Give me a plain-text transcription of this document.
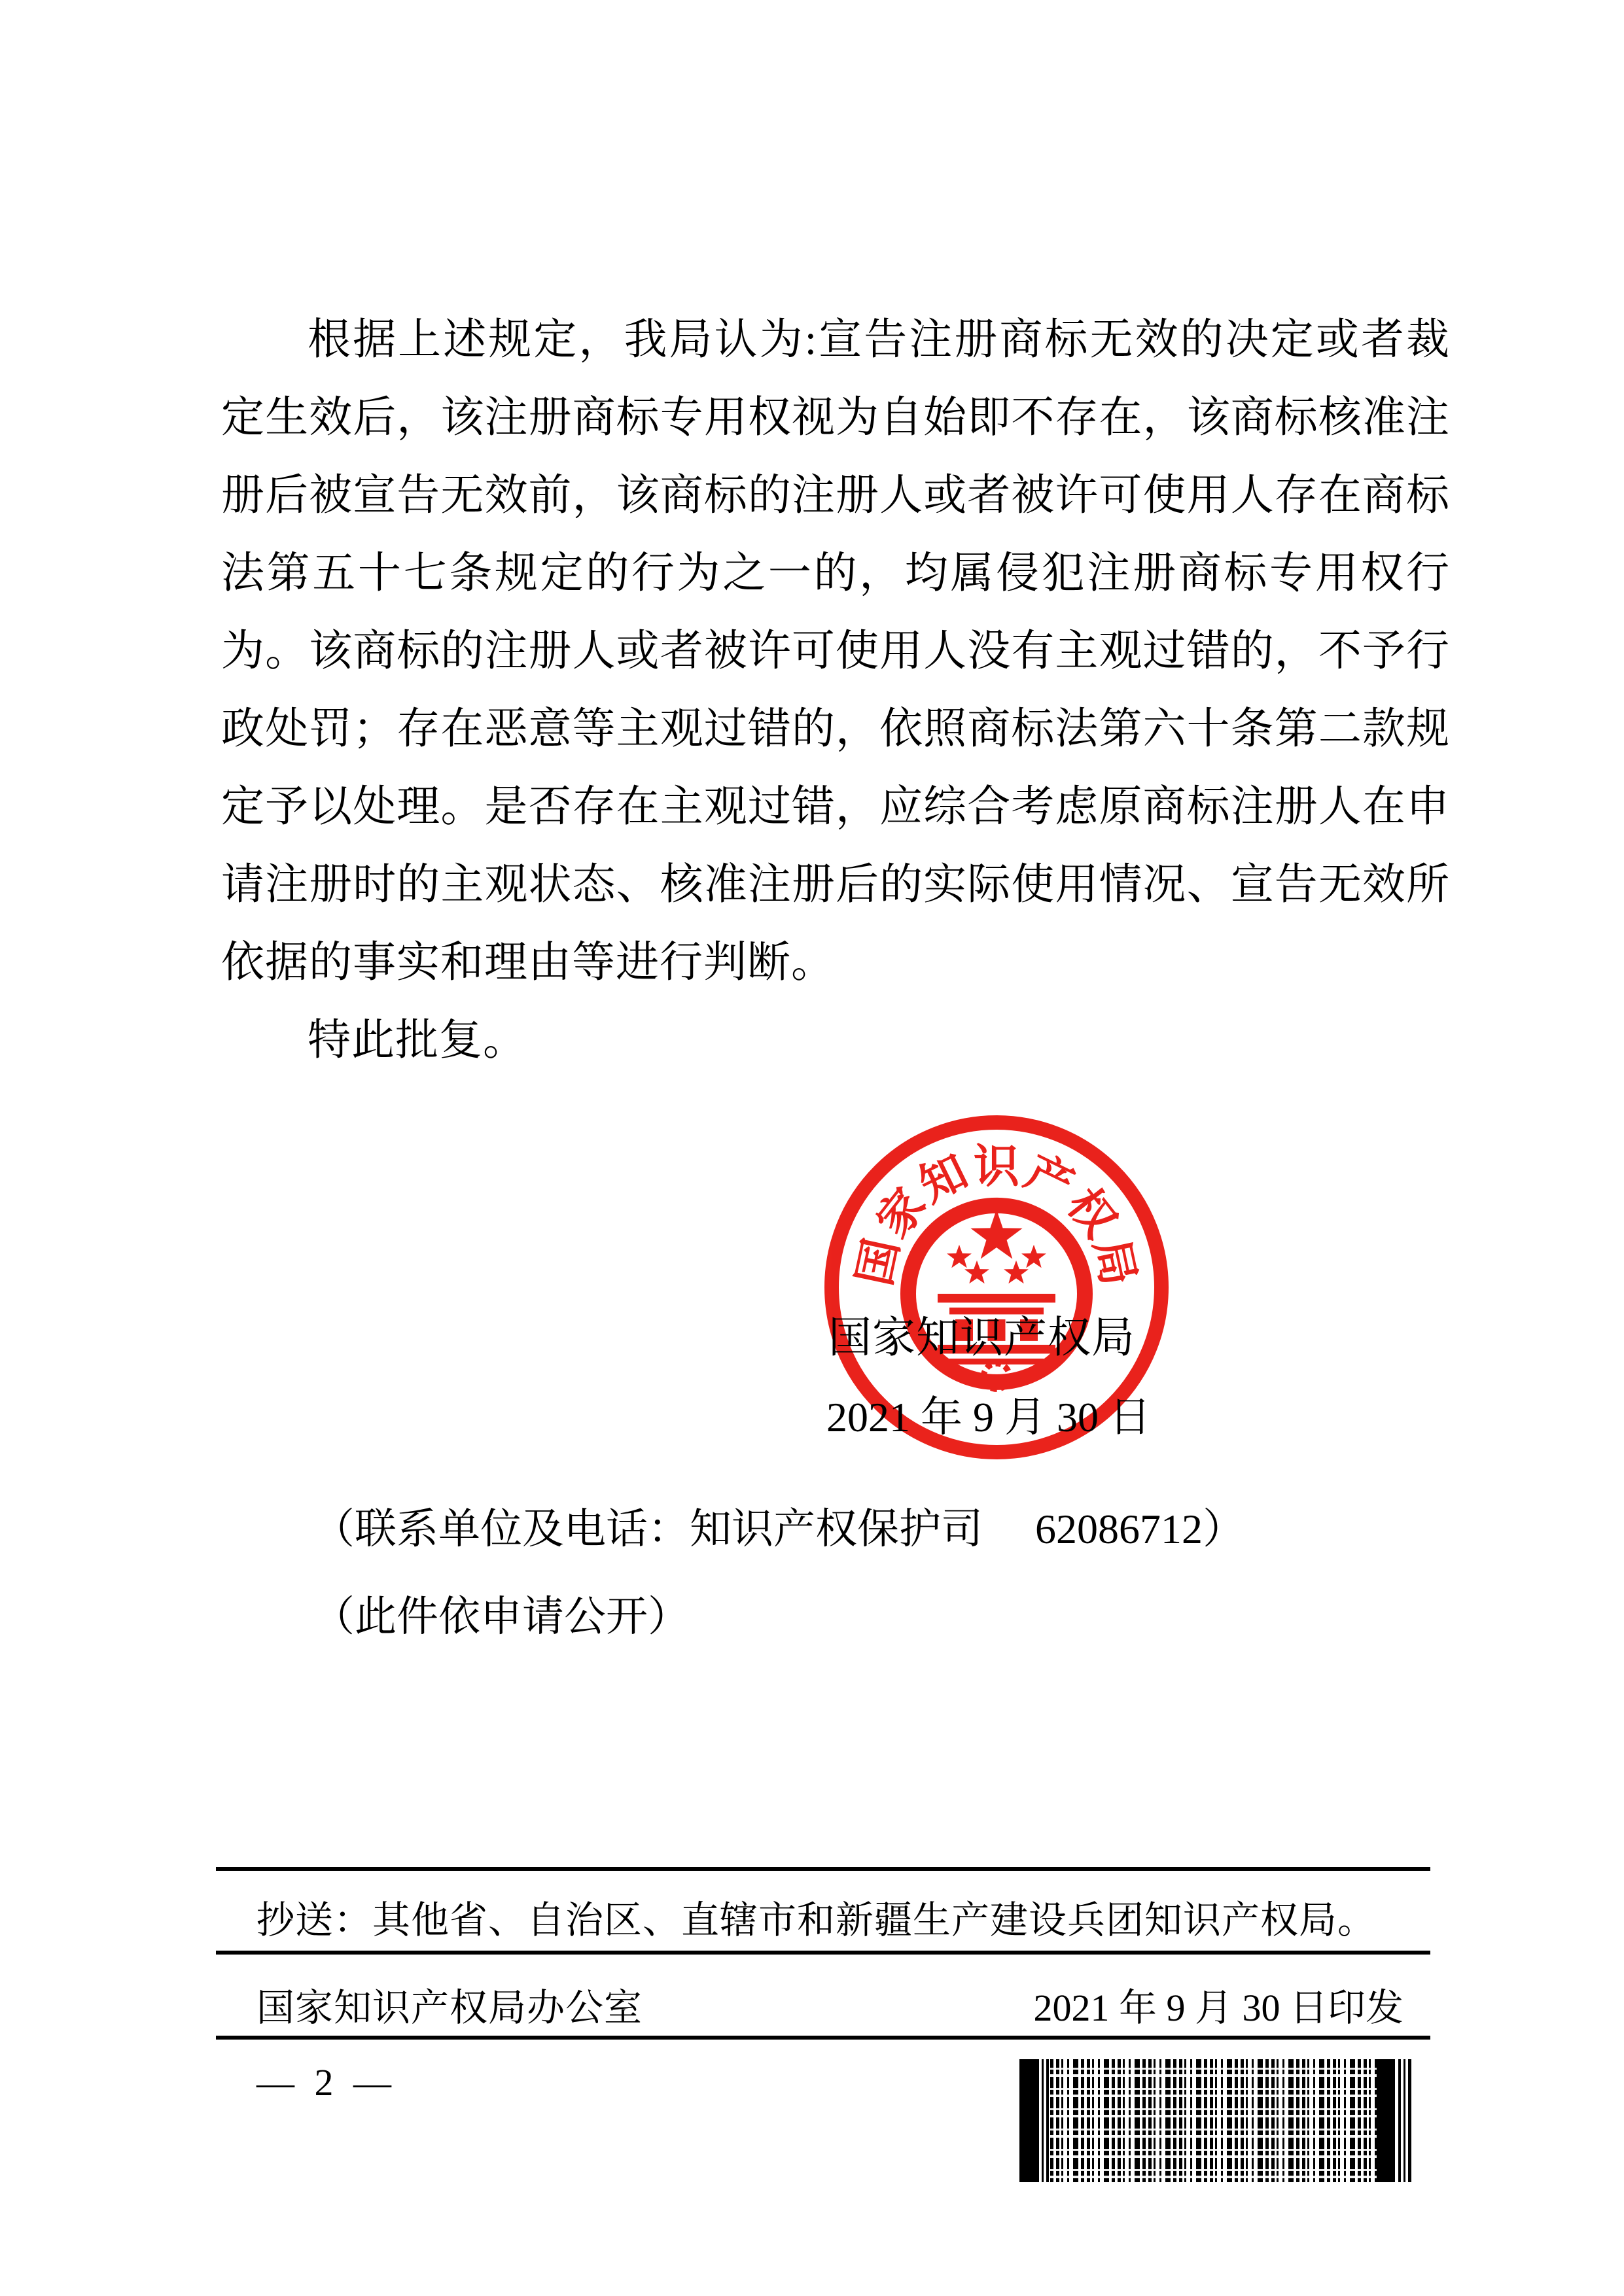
根据上述规定，我局认为:宣告注册商标无效的决定或者裁定生效后，该注册商标专用权视为自始即不存在，该商标核准注册后被宣告无效前，该商标的注册人或者被许可使用人存在商标法第五十七条规定的行为之一的，均属侵犯注册商标专用权行为。该商标的注册人或者被许可使用人没有主观过错的，不予行政处罚；存在恶意等主观过错的，依照商标法第六十条第二款规定予以处理。是否存在主观过错，应综合考虑原商标注册人在申请注册时的主观状态、核准注册后的实际使用情况、宣告无效所依据的事实和理由等进行判断。

特此批复。

国
家
知
识
产
权
局
国家知识产权局
2021 年 9 月 30 日
（联系单位及电话：知识产权保护司　 62086712）
（此件依申请公开）
抄送：其他省、自治区、直辖市和新疆生产建设兵团知识产权局。
国家知识产权局办公室	2021 年 9 月 30 日印发
— 2 —
